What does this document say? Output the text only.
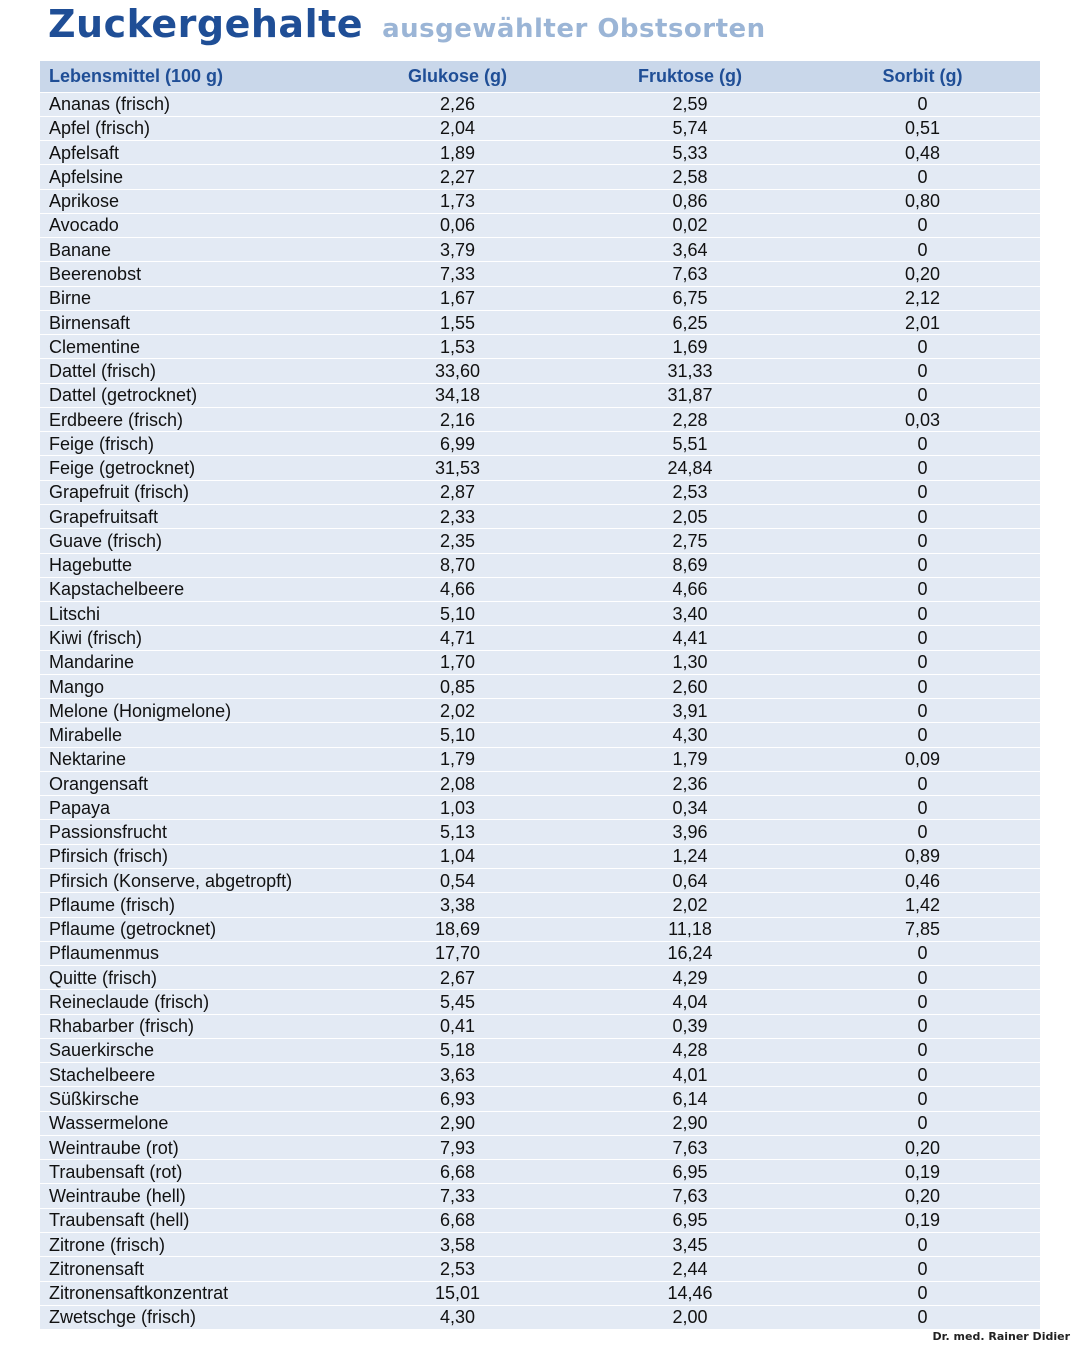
Zuckergehalte ausgewählter Obstsorten
Lebensmittel (100 g)	Glukose (g)	Fruktose (g)	Sorbit (g)
Ananas (frisch)	2,26	2,59	0
Apfel (frisch)	2,04	5,74	0,51
Apfelsaft	1,89	5,33	0,48
Apfelsine	2,27	2,58	0
Aprikose	1,73	0,86	0,80
Avocado	0,06	0,02	0
Banane	3,79	3,64	0
Beerenobst	7,33	7,63	0,20
Birne	1,67	6,75	2,12
Birnensaft	1,55	6,25	2,01
Clementine	1,53	1,69	0
Dattel (frisch)	33,60	31,33	0
Dattel (getrocknet)	34,18	31,87	0
Erdbeere (frisch)	2,16	2,28	0,03
Feige (frisch)	6,99	5,51	0
Feige (getrocknet)	31,53	24,84	0
Grapefruit (frisch)	2,87	2,53	0
Grapefruitsaft	2,33	2,05	0
Guave (frisch)	2,35	2,75	0
Hagebutte	8,70	8,69	0
Kapstachelbeere	4,66	4,66	0
Litschi	5,10	3,40	0
Kiwi (frisch)	4,71	4,41	0
Mandarine	1,70	1,30	0
Mango	0,85	2,60	0
Melone (Honigmelone)	2,02	3,91	0
Mirabelle	5,10	4,30	0
Nektarine	1,79	1,79	0,09
Orangensaft	2,08	2,36	0
Papaya	1,03	0,34	0
Passionsfrucht	5,13	3,96	0
Pfirsich (frisch)	1,04	1,24	0,89
Pfirsich (Konserve, abgetropft)	0,54	0,64	0,46
Pflaume (frisch)	3,38	2,02	1,42
Pflaume (getrocknet)	18,69	11,18	7,85
Pflaumenmus	17,70	16,24	0
Quitte (frisch)	2,67	4,29	0
Reineclaude (frisch)	5,45	4,04	0
Rhabarber (frisch)	0,41	0,39	0
Sauerkirsche	5,18	4,28	0
Stachelbeere	3,63	4,01	0
Süßkirsche	6,93	6,14	0
Wassermelone	2,90	2,90	0
Weintraube (rot)	7,93	7,63	0,20
Traubensaft (rot)	6,68	6,95	0,19
Weintraube (hell)	7,33	7,63	0,20
Traubensaft (hell)	6,68	6,95	0,19
Zitrone (frisch)	3,58	3,45	0
Zitronensaft	2,53	2,44	0
Zitronensaftkonzentrat	15,01	14,46	0
Zwetschge (frisch)	4,30	2,00	0
Dr. med. Rainer Didier
